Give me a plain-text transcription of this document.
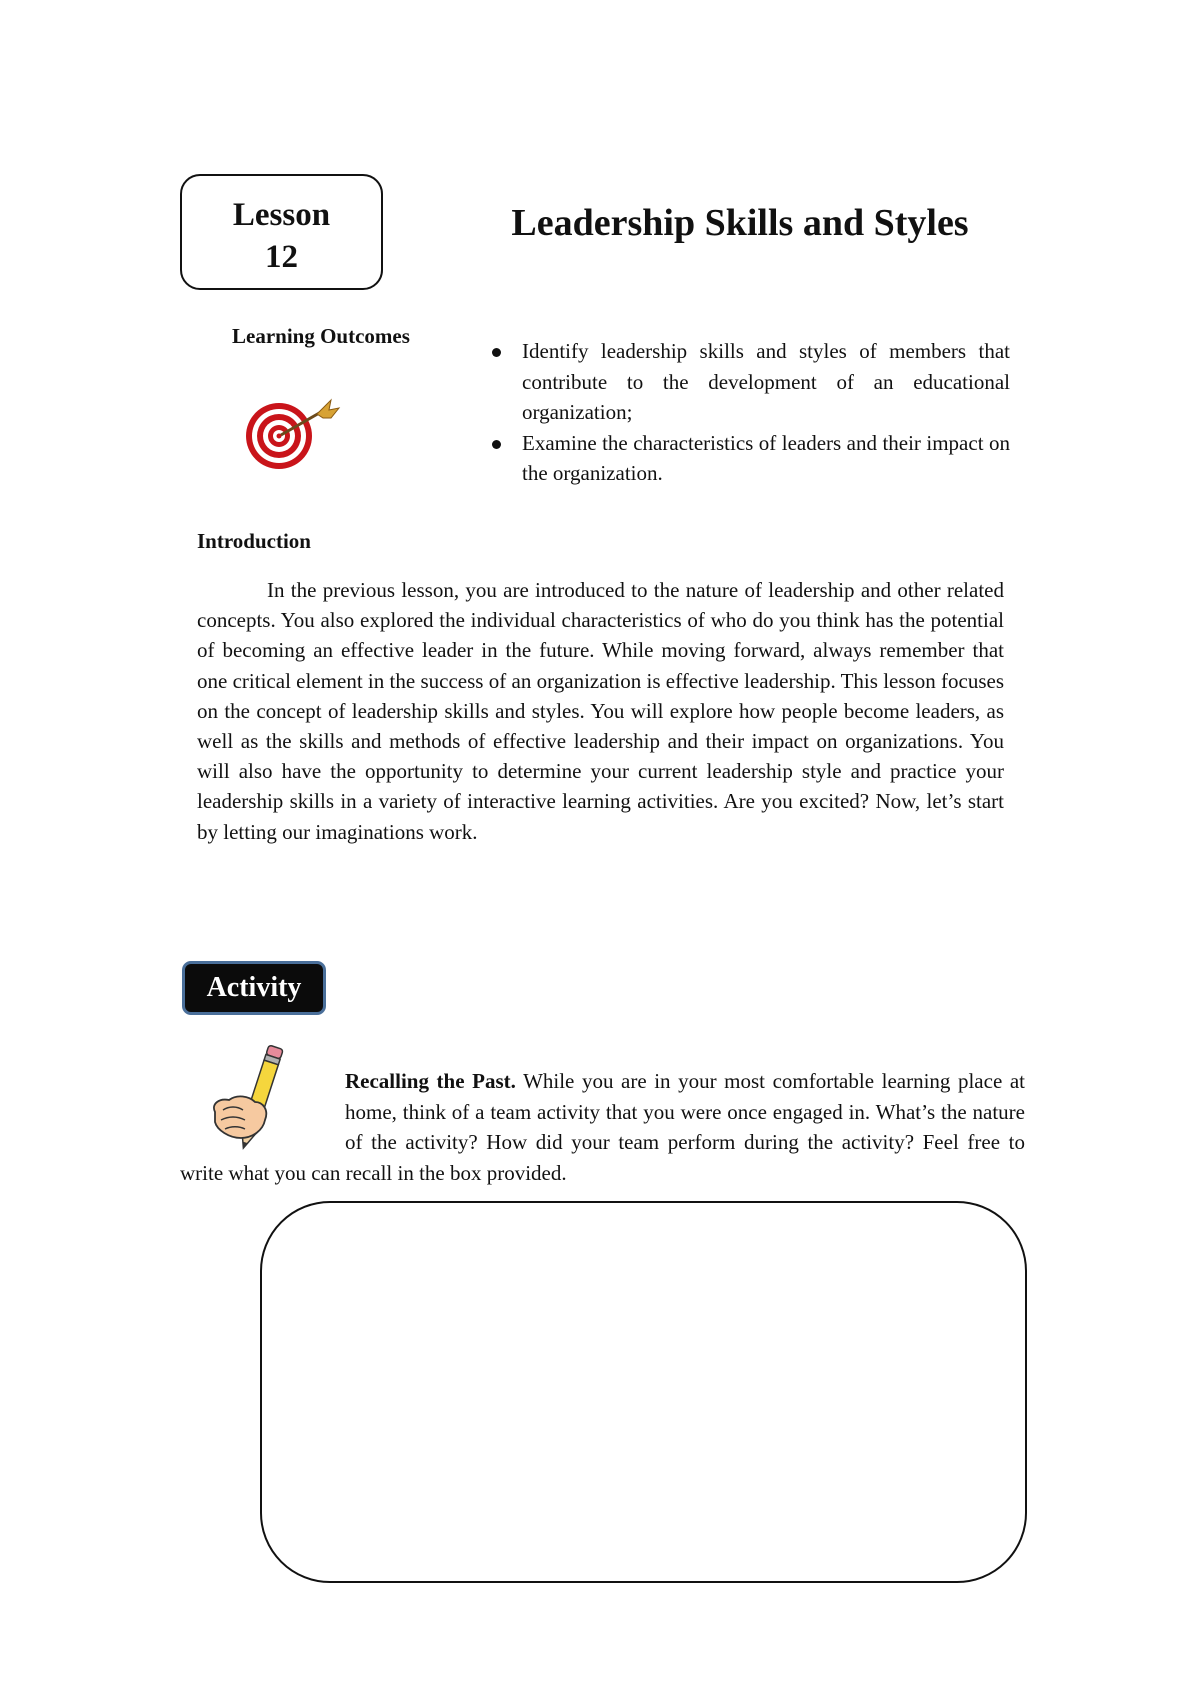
Lesson
12
Leadership Skills and Styles
Learning Outcomes
Identify leadership skills and styles of members that contribute to the development of an educational organization;
Examine the characteristics of leaders and their impact on the organization.
Introduction

In the previous lesson, you are introduced to the nature of leadership and other related concepts. You also explored the individual characteristics of who do you think has the potential of becoming an effective leader in the future. While moving forward, always remember that one critical element in the success of an organization is effective leadership. This lesson focuses on the concept of leadership skills and styles. You will explore how people become leaders, as well as the skills and methods of effective leadership and their impact on organizations. You will also have the opportunity to determine your current leadership style and practice your leadership skills in a variety of interactive learning activities. Are you excited? Now, let’s start by letting our imaginations work.

Activity

Recalling the Past. While you are in your most comfortable learning place at home, think of a team activity that you were once engaged in. What’s the nature of the activity? How did your team perform during the activity? Feel free to write what you can recall in the box provided.
